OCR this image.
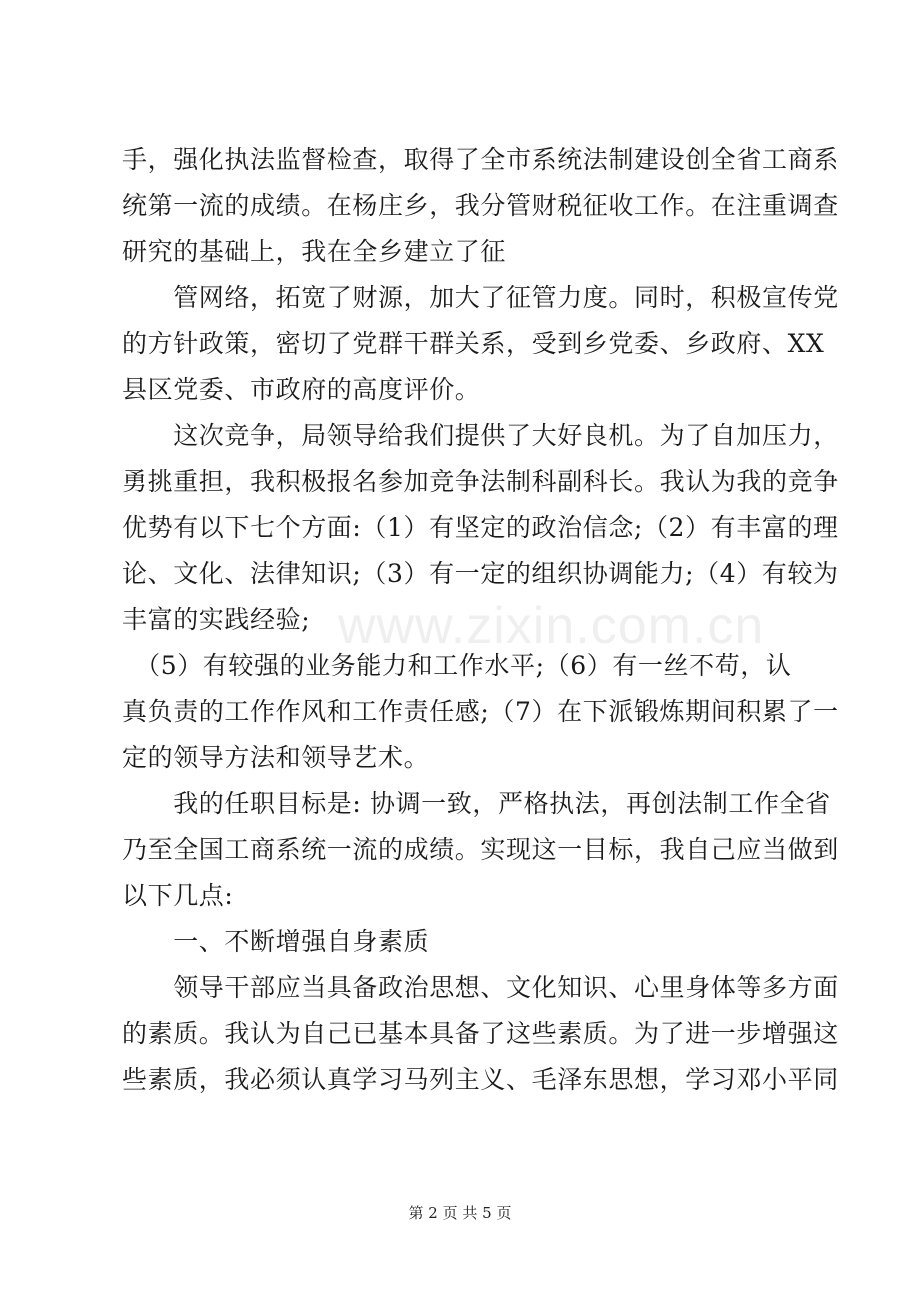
手，强化执法监督检查，取得了全市系统法制建设创全省工商系

统第一流的成绩。在杨庄乡，我分管财税征收工作。在注重调查

研究的基础上，我在全乡建立了征

　　管网络，拓宽了财源，加大了征管力度。同时，积极宣传党

的方针政策，密切了党群干群关系，受到乡党委、乡政府、XX

县区党委、市政府的高度评价。

　　这次竞争，局领导给我们提供了大好良机。为了自加压力，

勇挑重担，我积极报名参加竞争法制科副科长。我认为我的竞争

优势有以下七个方面:（1）有坚定的政治信念;（2）有丰富的理

论、文化、法律知识;（3）有一定的组织协调能力;（4）有较为

丰富的实践经验;

　（5）有较强的业务能力和工作水平;（6）有一丝不苟，认

真负责的工作作风和工作责任感;（7）在下派锻炼期间积累了一

定的领导方法和领导艺术。

　　我的任职目标是: 协调一致，严格执法，再创法制工作全省

乃至全国工商系统一流的成绩。实现这一目标，我自己应当做到

以下几点:

　　一、不断增强自身素质

　　领导干部应当具备政治思想、文化知识、心里身体等多方面

的素质。我认为自己已基本具备了这些素质。为了进一步增强这

些素质，我必须认真学习马列主义、毛泽东思想，学习邓小平同

www.zixin.com.cn
第 2 页 共 5 页
